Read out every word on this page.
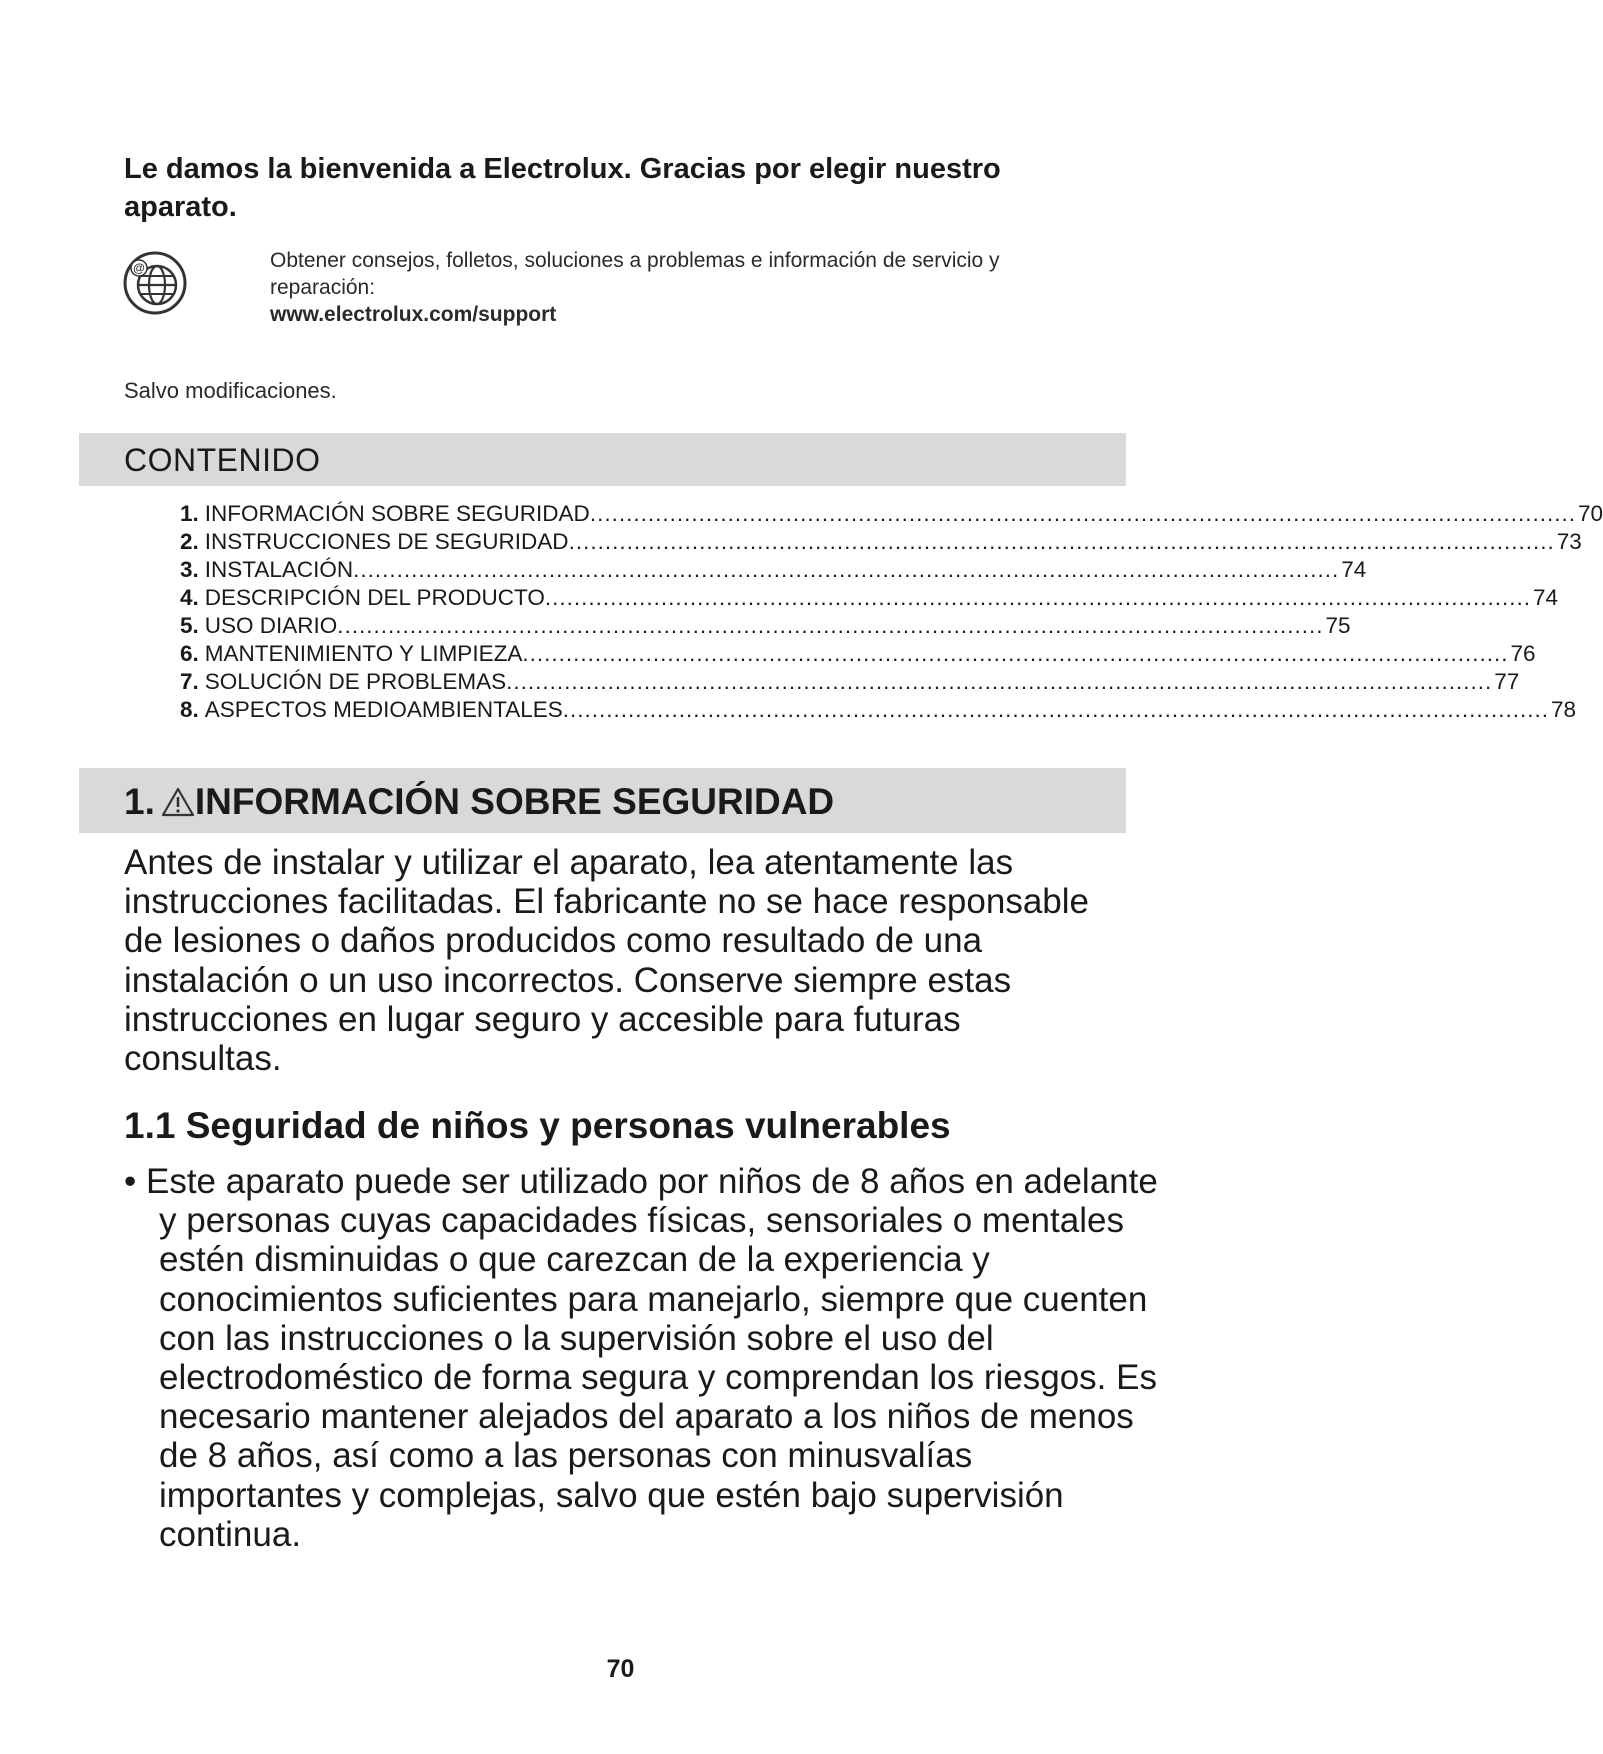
Le damos la bienvenida a Electrolux. Gracias por elegir nuestro aparato.
@	Obtener consejos, folletos, soluciones a problemas e información de servicio y reparación:
www.electrolux.com/support
Salvo modificaciones.
CONTENIDO
1. INFORMACIÓN SOBRE SEGURIDAD ........................................................................................................................................ 70
2. INSTRUCCIONES DE SEGURIDAD ........................................................................................................................................ 73
3. INSTALACIÓN ........................................................................................................................................ 74
4. DESCRIPCIÓN DEL PRODUCTO ........................................................................................................................................ 74
5. USO DIARIO ........................................................................................................................................ 75
6. MANTENIMIENTO Y LIMPIEZA ........................................................................................................................................ 76
7. SOLUCIÓN DE PROBLEMAS ........................................................................................................................................ 77
8. ASPECTOS MEDIOAMBIENTALES ........................................................................................................................................ 78
1. INFORMACIÓN SOBRE SEGURIDAD

Antes de instalar y utilizar el aparato, lea atentamente las instrucciones facilitadas. El fabricante no se hace responsable de lesiones o daños producidos como resultado de una instalación o un uso incorrectos. Conserve siempre estas instrucciones en lugar seguro y accesible para futuras consultas.

1.1 Seguridad de niños y personas vulnerables

• Este aparato puede ser utilizado por niños de 8 años en adelante y personas cuyas capacidades físicas, sensoriales o mentales estén disminuidas o que carezcan de la experiencia y conocimientos suficientes para manejarlo, siempre que cuenten con las instrucciones o la supervisión sobre el uso del electrodoméstico de forma segura y comprendan los riesgos. Es necesario mantener alejados del aparato a los niños de menos de 8 años, así como a las personas con minusvalías importantes y complejas, salvo que estén bajo supervisión continua.

70
